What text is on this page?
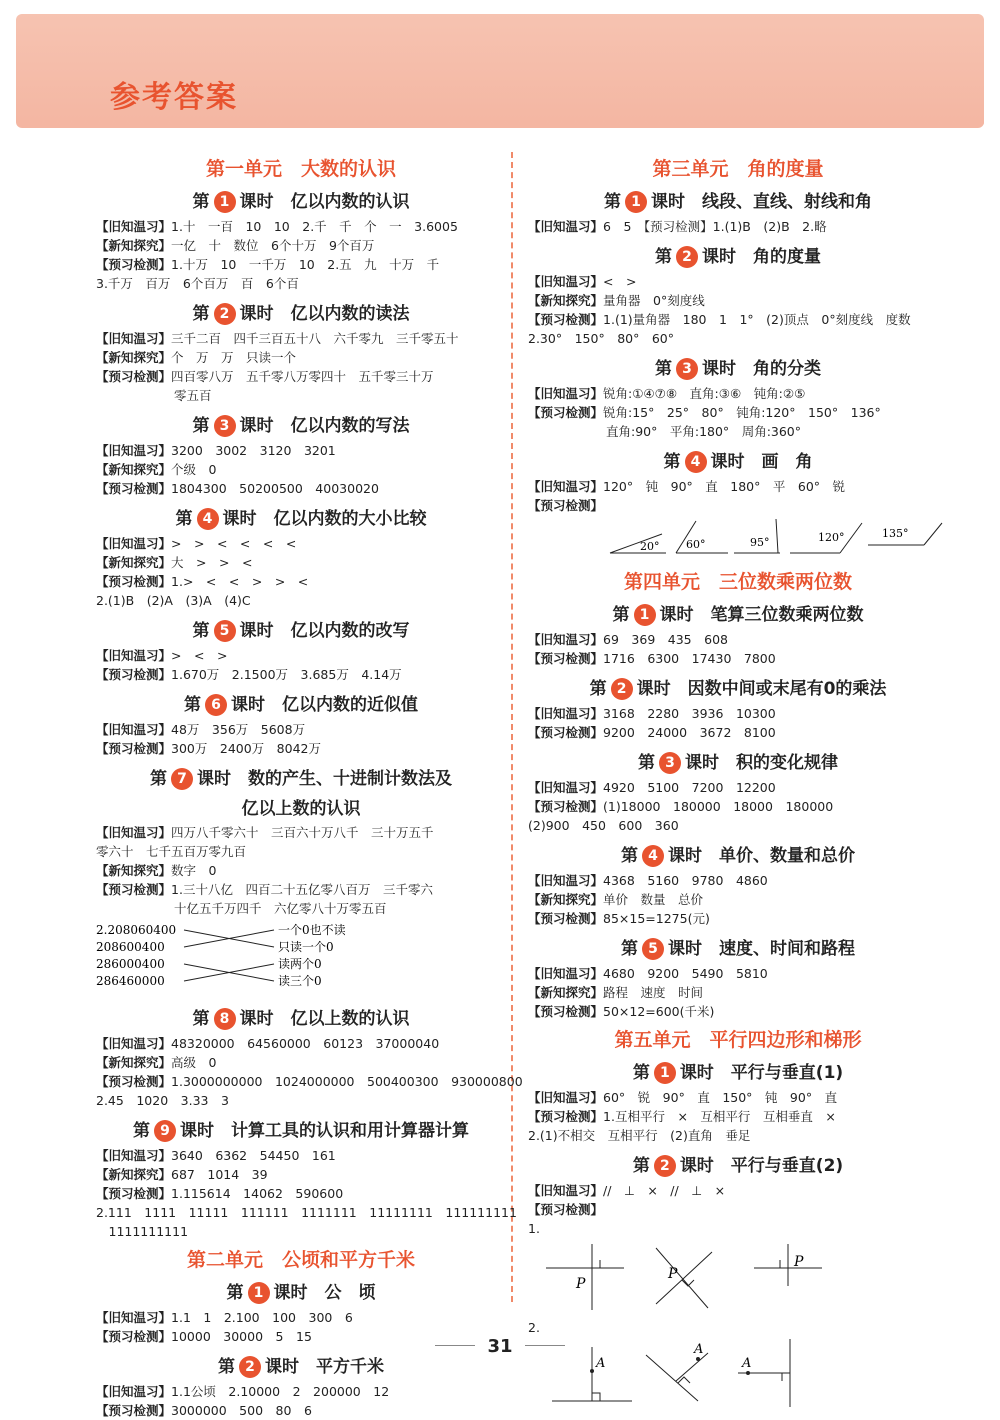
参考答案
第一单元　大数的认识
第 1 课时　亿以内数的认识
【旧知温习】1.十　一百　10　10　2.千　千　个　一　3.6005
【新知探究】一亿　十　数位　6个十万　9个百万
【预习检测】1.十万　10　一千万　10　2.五　九　十万　千
3.千万　百万　6个百万　百　6个百
第 2 课时　亿以内数的读法
【旧知温习】三千二百　四千三百五十八　六千零九　三千零五十
【新知探究】个　万　万　只读一个
【预习检测】四百零八万　五千零八万零四十　五千零三十万
零五百
第 3 课时　亿以内数的写法
【旧知温习】3200　3002　3120　3201
【新知探究】个级　0
【预习检测】1804300　50200500　40030020
第 4 课时　亿以内数的大小比较
【旧知温习】>　>　<　<　<　<
【新知探究】大　>　>　<
【预习检测】1.>　<　<　>　>　<
2.(1)B　(2)A　(3)A　(4)C
第 5 课时　亿以内数的改写
【旧知温习】>　<　>
【预习检测】1.670万　2.1500万　3.685万　4.14万
第 6 课时　亿以内数的近似值
【旧知温习】48万　356万　5608万
【预习检测】300万　2400万　8042万
第 7 课时　数的产生、十进制计数法及
亿以上数的认识
【旧知温习】四万八千零六十　三百六十万八千　三十万五千
零六十　七千五百万零九百
【新知探究】数字　0
【预习检测】1.三十八亿　四百二十五亿零八百万　三千零六
十亿五千万四千　六亿零八十万零五百
2.208060400
208600400
286000400
286460000
一个0也不读
只读一个0
读两个0
读三个0
第 8 课时　亿以上数的认识
【旧知温习】48320000　64560000　60123　37000040
【新知探究】高级　0
【预习检测】1.3000000000　1024000000　500400300　930000800
2.45　1020　3.33　3
第 9 课时　计算工具的认识和用计算器计算
【旧知温习】3640　6362　54450　161
【新知探究】687　1014　39
【预习检测】1.115614　14062　590600
2.111　1111　11111　111111　1111111　11111111　111111111
　1111111111
第二单元　公顷和平方千米
第 1 课时　公　顷
【旧知温习】1.1　1　2.100　100　300　6
【预习检测】10000　30000　5　15
第 2 课时　平方千米
【旧知温习】1.1公顷　2.10000　2　200000　12
【预习检测】3000000　500　80　6
第三单元　角的度量
第 1 课时　线段、直线、射线和角
【旧知温习】6　5　【预习检测】1.(1)B　(2)B　2.略
第 2 课时　角的度量
【旧知温习】<　>
【新知探究】量角器　0°刻度线
【预习检测】1.(1)量角器　180　1　1°　(2)顶点　0°刻度线　度数
2.30°　150°　80°　60°
第 3 课时　角的分类
【旧知温习】锐角:①④⑦⑧　直角:③⑥　钝角:②⑤
【预习检测】锐角:15°　25°　80°　钝角:120°　150°　136°
直角:90°　平角:180°　周角:360°
第 4 课时　画　角
【旧知温习】120°　钝　90°　直　180°　平　60°　锐
【预习检测】
20° 60°	95°	120°	135°
第四单元　三位数乘两位数
第 1 课时　笔算三位数乘两位数
【旧知温习】69　369　435　608
【预习检测】1716　6300　17430　7800
第 2 课时　因数中间或末尾有0的乘法
【旧知温习】3168　2280　3936　10300
【预习检测】9200　24000　3672　8100
第 3 课时　积的变化规律
【旧知温习】4920　5100　7200　12200
【预习检测】(1)18000　180000　18000　180000
(2)900　450　600　360
第 4 课时　单价、数量和总价
【旧知温习】4368　5160　9780　4860
【新知探究】单价　数量　总价
【预习检测】85×15=1275(元)
第 5 课时　速度、时间和路程
【旧知温习】4680　9200　5490　5810
【新知探究】路程　速度　时间
【预习检测】50×12=600(千米)
第五单元　平行四边形和梯形
第 1 课时　平行与垂直(1)
【旧知温习】60°　锐　90°　直　150°　钝　90°　直
【预习检测】1.互相平行　×　互相平行　互相垂直　×
2.(1)不相交　互相平行　(2)直角　垂足
第 2 课时　平行与垂直(2)
【旧知温习】//　⊥　×　//　⊥　×
【预习检测】
1.
P
P
P
2.
A
A
A
31
